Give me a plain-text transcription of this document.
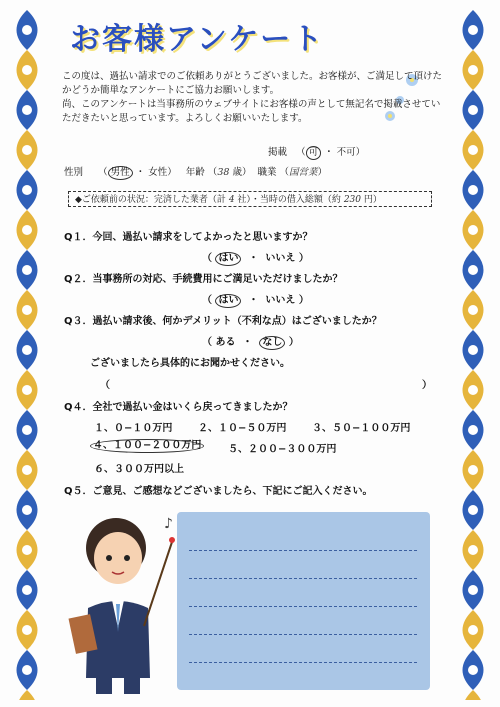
お客様アンケート
この度は、過払い請求でのご依頼ありがとうございました。お客様が、ご満足して頂けた
かどうか簡単なアンケートにご協力お願いします。
尚、このアンケートは当事務所のウェブサイトにお客様の声として無記名で掲載させてい
ただきたいと思っています。よろしくお願いいたします。
掲載   （ 可 ・ 不可）
性別     （ 男性 ・ 女性）   年齢 （38 歳）  職業 （国営業）
◆ご依頼前の状況：完済した業者（計 4 社）・当時の借入総額（約 230 円）
Q１．今回、過払い請求をしてよかったと思いますか？
（ はい  ・  いいえ ）
Q２．当事務所の対応、手続費用にご満足いただけましたか？
（ はい  ・  いいえ ）
Q３．過払い請求後、何かデメリット（不利な点）はございましたか？
（ ある  ・  なし ）
ございましたら具体的にお聞かせください。
（	）
Q４．全社で過払い金はいくら戻ってきましたか？
１、０−１０万円	２、１０−５０万円	３、５０−１００万円
４、１００−２００万円	５、２００−３００万円
６、３００万円以上
Q５．ご意見、ご感想などございましたら、下記にご記入ください。
♪
